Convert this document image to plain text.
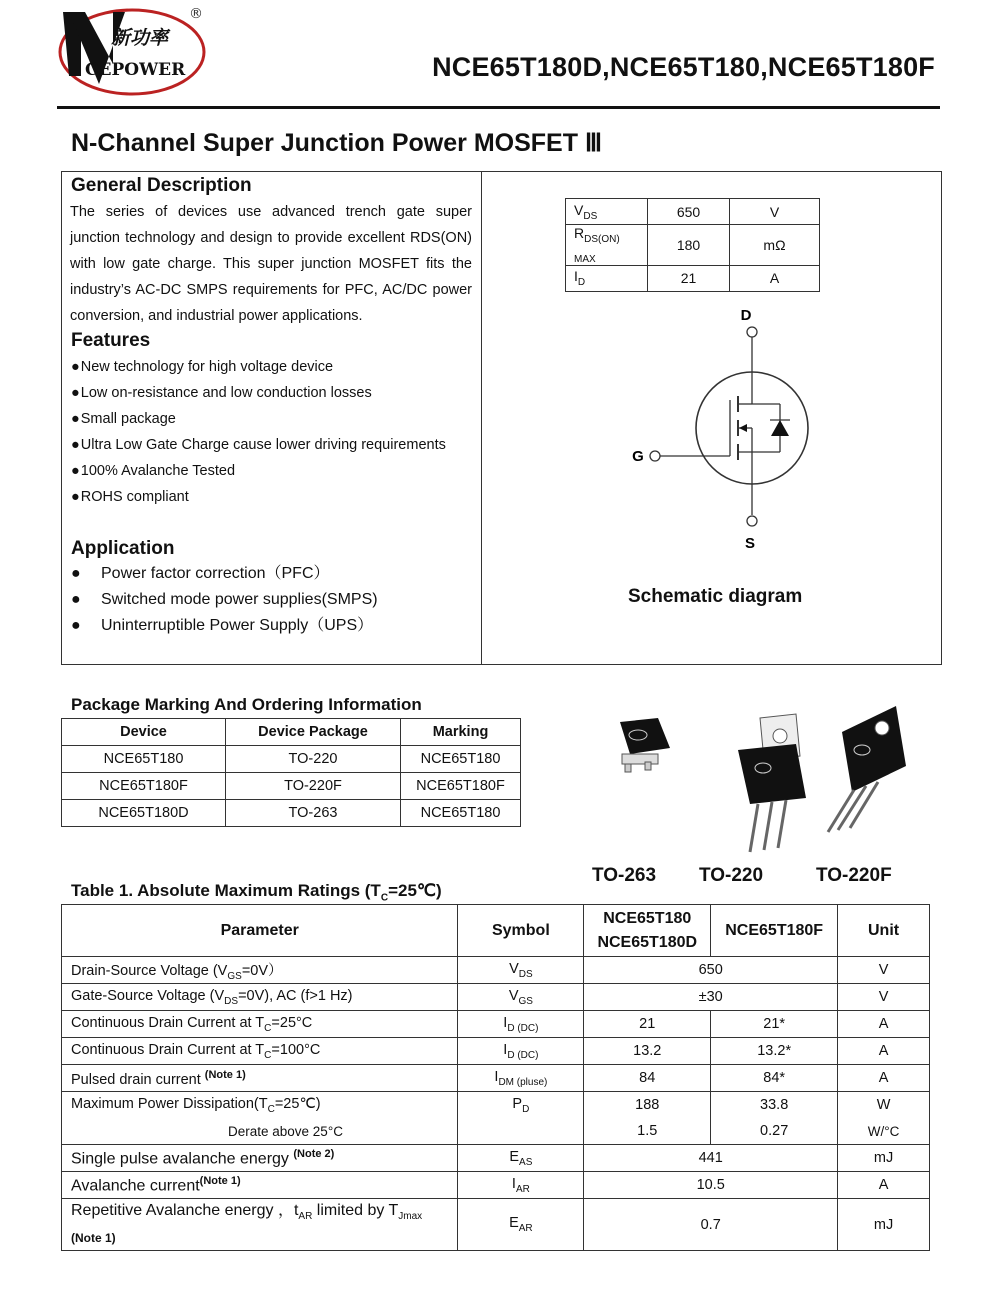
新功率
CEPOWER
®
NCE65T180D,NCE65T180,NCE65T180F
N-Channel Super Junction Power MOSFET Ⅲ
General Description
The series of devices use advanced trench gate super junction technology and design to provide excellent RDS(ON) with low gate charge. This super junction MOSFET fits the industry’s AC-DC SMPS requirements for PFC, AC/DC power conversion, and industrial power applications.
Features
● New technology for high voltage device
● Low on-resistance and low conduction losses
● Small package
● Ultra Low Gate Charge cause lower driving requirements
● 100% Avalanche Tested
● ROHS compliant
Application
● Power factor correction（PFC）
● Switched mode power supplies(SMPS)
● Uninterruptible Power Supply（UPS）
$V_{DS}$	650	V
$R_{DS(ON) MAX}$	180	mΩ
$I_D$	21	A
D
G
S
Schematic diagram
Package Marking And Ordering Information
Device	Device Package	Marking
NCE65T180	TO-220	NCE65T180
NCE65T180F	TO-220F	NCE65T180F
NCE65T180D	TO-263	NCE65T180
TO-263 TO-220	TO-220F
Table 1. Absolute Maximum Ratings $(T_C=25℃)$
Parameter	Symbol	NCE65T180
NCE65T180D	NCE65T180F	Unit
Drain-Source Voltage $(V_{GS}=0V)$	$V_{DS}$	650		V
Gate-Source Voltage $(V_{DS}=0V)$, AC (f>1 Hz)	$V_{GS}$	±30		V
Continuous Drain Current at $T_C=25^\circ C$	$I_{D (DC)}$	21	21*	A
Continuous Drain Current at $T_C=100^\circ C$	$I_{D (DC)}$	13.2	13.2*	A
Pulsed drain current $^{(Note 1)}$	$I_{DM (pluse)}$	84	84*	A
Maximum Power $Dissipation(T_C=25℃)$	$P_D$	188	33.8	W
Derate above 25°C		1.5	0.27	W/°C
Single pulse avalanche energy $^{(Note 2)}$	$E_{AS}$	441		mJ
Avalanche current$^{(Note 1)}$	$I_{AR}$	10.5		A
Repetitive Avalanche energy ，$t_{AR}$ limited by $T_{Jmax}$
(Note 1)	$E_{AR}$	0.7		mJ
